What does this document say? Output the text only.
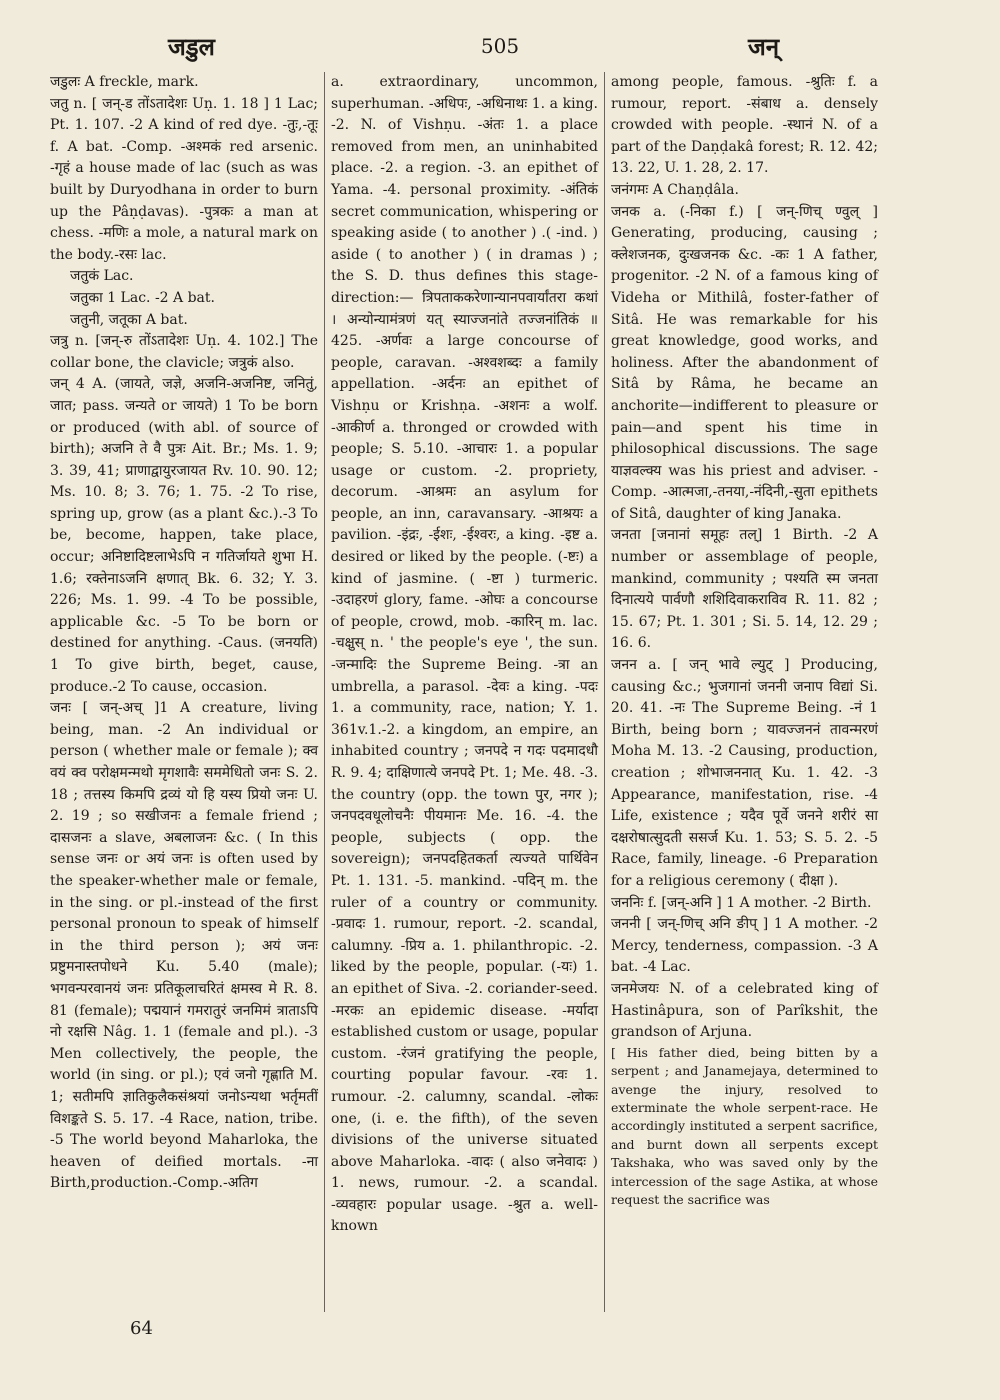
जडुल	505	जन्

जडुलः A freckle, mark.

जतु n. [ जन्-ड तोंऽतादेशः Uṇ. 1. 18 ] 1 Lac; Pt. 1. 107. -2 A kind of red dye. -तुः,-तूः f. A bat. -Comp. -अश्मकं red arsenic. -गृहं a house made of lac (such as was built by Duryodhana in order to burn up the Pâṇḍavas). -पुत्रकः a man at chess. -मणिः a mole, a natural mark on the body.-रसः lac.

जतुकं Lac.

जतुका 1 Lac. -2 A bat.

जतुनी, जतूका A bat.

जत्रु n. [जन्-रु तोंऽतादेशः Uṇ. 4. 102.] The collar bone, the clavicle; जत्रुकं also.

जन् 4 A. (जायते, जज्ञे, अजनि-अजनिष्ट, जनितुं, जात; pass. जन्यते or जायते) 1 To be born or produced (with abl. of source of birth); अजनि ते वै पुत्रः Ait. Br.; Ms. 1. 9; 3. 39, 41; प्राणाद्वायुरजायत Rv. 10. 90. 12; Ms. 10. 8; 3. 76; 1. 75. -2 To rise, spring up, grow (as a plant &c.).-3 To be, become, happen, take place, occur; अनिष्टादिष्टलाभेऽपि न गतिर्जायते शुभा H. 1.6; रक्तेनाऽजनि क्षणात् Bk. 6. 32; Y. 3. 226; Ms. 1. 99. -4 To be possible, applicable &c. -5 To be born or destined for anything. -Caus. (जनयति) 1 To give birth, beget, cause, produce.-2 To cause, occasion.

जनः [ जन्-अच् ]1 A creature, living being, man. -2 An individual or person ( whether male or female ); क्व वयं क्व परोक्षमन्मथो मृगशावैः सममेधितो जनः S. 2. 18 ; तत्तस्य किमपि द्रव्यं यो हि यस्य प्रियो जनः U. 2. 19 ; so सखीजनः a female friend ; दासजनः a slave, अबलाजनः &c. ( In this sense जनः or अयं जनः is often used by the speaker-whether male or female, in the sing. or pl.-instead of the first personal pronoun to speak of himself in the third person ); अयं जनः प्रष्टुमनास्तपोधने Ku. 5.40 (male); भगवन्परवानयं जनः प्रतिकूलाचरितं क्षमस्व मे R. 8. 81 (female); पद्मयानं गमरातुरं जनमिमं त्राताऽपि नो रक्षसि Nâg. 1. 1 (female and pl.). -3 Men collectively, the people, the world (in sing. or pl.); एवं जनो गृह्णाति M. 1; सतीमपि ज्ञातिकुलैकसंश्रयां जनोऽन्यथा भर्तृमतीं विशङ्कते S. 5. 17. -4 Race, nation, tribe. -5 The world beyond Maharloka, the heaven of deified mortals. -ना Birth,production.-Comp.-अतिग

a. extraordinary, uncommon, superhuman. -अधिपः, -अधिनाथः 1. a king. -2. N. of Vishṇu. -अंतः 1. a place removed from men, an uninhabited place. -2. a region. -3. an epithet of Yama. -4. personal proximity. -अंतिकं secret communication, whispering or speaking aside ( to another ) .( -ind. ) aside ( to another ) ( in dramas ) ; the S. D. thus defines this stage-direction:— त्रिपताककरेणान्यानपवार्यांतरा कथां । अन्योन्यामंत्रणं यत् स्याज्जनांते तज्जनांतिकं ॥ 425. -अर्णवः a large concourse of people, caravan. -अश्वशब्दः a family appellation. -अर्दनः an epithet of Vishṇu or Krishṇa. -अशनः a wolf. -आकीर्ण a. thronged or crowded with people; S. 5.10. -आचारः 1. a popular usage or custom. -2. propriety, decorum. -आश्रमः an asylum for people, an inn, caravansary. -आश्रयः a pavilion. -इंद्रः, -ईशः, -ईश्वरः, a king. -इष्ट a. desired or liked by the people. (-ष्टः) a kind of jasmine. ( -ष्टा ) turmeric. -उदाहरणं glory, fame. -ओघः a concourse of people, crowd, mob. -कारिन् m. lac. -चक्षुस् n. ' the people's eye ', the sun. -जन्मादिः the Supreme Being. -त्रा an umbrella, a parasol. -देवः a king. -पदः 1. a community, race, nation; Y. 1. 361v.1.-2. a kingdom, an empire, an inhabited country ; जनपदे न गदः पदमादधौ R. 9. 4; दाक्षिणात्ये जनपदे Pt. 1; Me. 48. -3. the country (opp. the town पुर, नगर ); जनपदवधूलोचनैः पीयमानः Me. 16. -4. the people, subjects ( opp. the sovereign); जनपदहितकर्ता त्यज्यते पार्थिवेन Pt. 1. 131. -5. mankind. -पदिन् m. the ruler of a country or community. -प्रवादः 1. rumour, report. -2. scandal, calumny. -प्रिय a. 1. philanthropic. -2. liked by the people, popular. (-यः) 1. an epithet of Siva. -2. coriander-seed. -मरकः an epidemic disease. -मर्यादा established custom or usage, popular custom. -रंजनं gratifying the people, courting popular favour. -रवः 1. rumour. -2. calumny, scandal. -लोकः one, (i. e. the fifth), of the seven divisions of the universe situated above Maharloka. -वादः ( also जनेवादः ) 1. news, rumour. -2. a scandal. -व्यवहारः popular usage. -श्रुत a. well-known

among people, famous. -श्रुतिः f. a rumour, report. -संबाध a. densely crowded with people. -स्थानं N. of a part of the Daṇḍakâ forest; R. 12. 42; 13. 22, U. 1. 28, 2. 17.

जनंगमः A Chaṇḍâla.

जनक a. (-निका f.) [ जन्-णिच् ण्वुल् ] Generating, producing, causing ; क्लेशजनक, दुःखजनक &c. -कः 1 A father, progenitor. -2 N. of a famous king of Videha or Mithilâ, foster-father of Sitâ. He was remarkable for his great knowledge, good works, and holiness. After the abandonment of Sitâ by Râma, he became an anchorite—indifferent to pleasure or pain—and spent his time in philosophical discussions. The sage याज्ञवल्क्य was his priest and adviser. -Comp. -आत्मजा,-तनया,-नंदिनी,-सुता epithets of Sitâ, daughter of king Janaka.

जनता [जनानां समूहः तल्] 1 Birth. -2 A number or assemblage of people, mankind, community ; पश्यति स्म जनता दिनात्यये पार्वणौ शशिदिवाकराविव R. 11. 82 ; 15. 67; Pt. 1. 301 ; Si. 5. 14, 12. 29 ; 16. 6.

जनन a. [ जन् भावे ल्युट् ] Producing, causing &c.; भुजगानां जननी जनाप विद्यां Si. 20. 41. -नः The Supreme Being. -नं 1 Birth, being born ; यावज्जननं तावन्मरणं Moha M. 13. -2 Causing, production, creation ; शोभाजननात् Ku. 1. 42. -3 Appearance, manifestation, rise. -4 Life, existence ; यदैव पूर्वे जनने शरीरं सा दक्षरोषात्सुदती ससर्ज Ku. 1. 53; S. 5. 2. -5 Race, family, lineage. -6 Preparation for a religious ceremony ( दीक्षा ).

जननिः f. [जन्-अनि ] 1 A mother. -2 Birth.

जननी [ जन्-णिच् अनि ङीप् ] 1 A mother. -2 Mercy, tenderness, compassion. -3 A bat. -4 Lac.

जनमेजयः N. of a celebrated king of Hastinâpura, son of Parîkshit, the grandson of Arjuna.

[ His father died, being bitten by a serpent ; and Janamejaya, determined to avenge the injury, resolved to exterminate the whole serpent-race. He accordingly instituted a serpent sacrifice, and burnt down all serpents except Takshaka, who was saved only by the intercession of the sage Astika, at whose request the sacrifice was

64
